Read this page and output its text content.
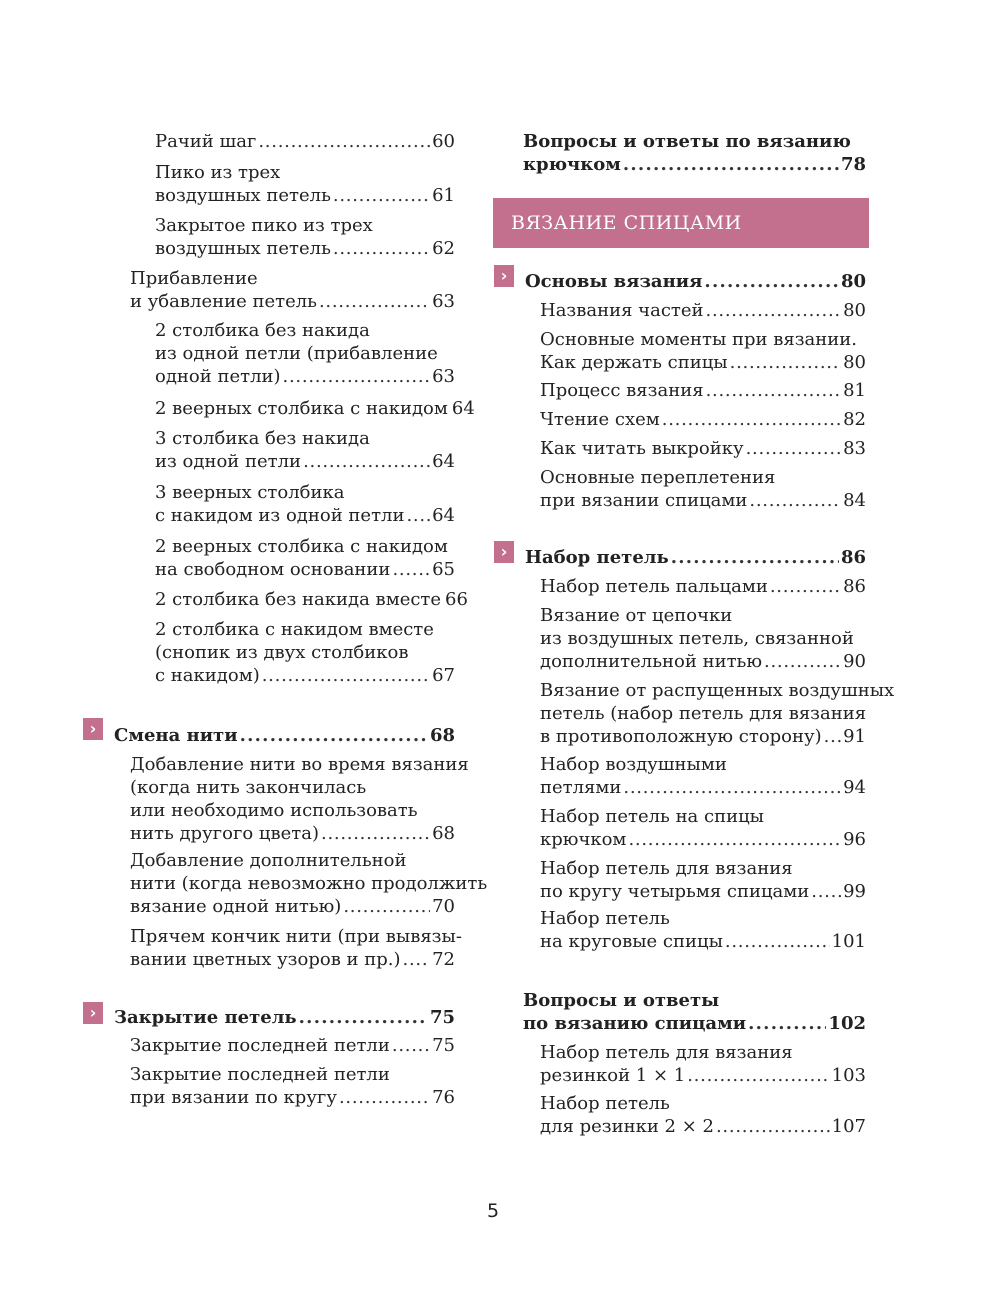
›
›
›
›
ВЯЗАНИЕ СПИЦАМИ
5
Рачий шаг . . .	60
Пико из трех
воздушных петель . . .	61
Закрытое пико из трех
воздушных петель . . .	62
Прибавление
и убавление петель . . .	63
2 столбика без накида
из одной петли (прибавление
одной петли) . . .	63
2 веерных столбика с накидом 64
3 столбика без накида
из одной петли . . .	64
3 веерных столбика
с накидом из одной петли . . . 64
2 веерных столбика с накидом
на свободном основании . . . 65
2 столбика без накида вместе 66
2 столбика с накидом вместе
(снопик из двух столбиков
с накидом) . . .	67
Смена нити . . .	68
Добавление нити во время вязания
(когда нить закончилась
или необходимо использовать
нить другого цвета) . . .	68
Добавление дополнительной
нити (когда невозможно продолжить
вязание одной нитью) . . .	70
Прячем кончик нити (при вывязы-
вании цветных узоров и пр.) . . . 72
Закрытие петель . . .	75
Закрытие последней петли . . . 75
Закрытие последней петли
при вязании по кругу . . .	76
Вопросы и ответы по вязанию
крючком . . .	78
Основы вязания . . .	80
Названия частей . . .	80
Основные моменты при вязании.
Как держать спицы . . .	80
Процесс вязания . . .	81
Чтение схем . . .	82
Как читать выкройку . . .	83
Основные переплетения
при вязании спицами . . .	84
Набор петель . . .	86
Набор петель пальцами . . .	86
Вязание от цепочки
из воздушных петель, связанной
дополнительной нитью . . .	90
Вязание от распущенных воздушных
петель (набор петель для вязания
в противоположную сторону) . . . 91
Набор воздушными
петлями . . .	94
Набор петель на спицы
крючком . . .	96
Набор петель для вязания
по кругу четырьмя спицами . . . 99
Набор петель
на круговые спицы . . .	101
Вопросы и ответы
по вязанию спицами . . .	102
Набор петель для вязания
резинкой 1 × 1 . . .	103
Набор петель
для резинки 2 × 2 . . .	107
